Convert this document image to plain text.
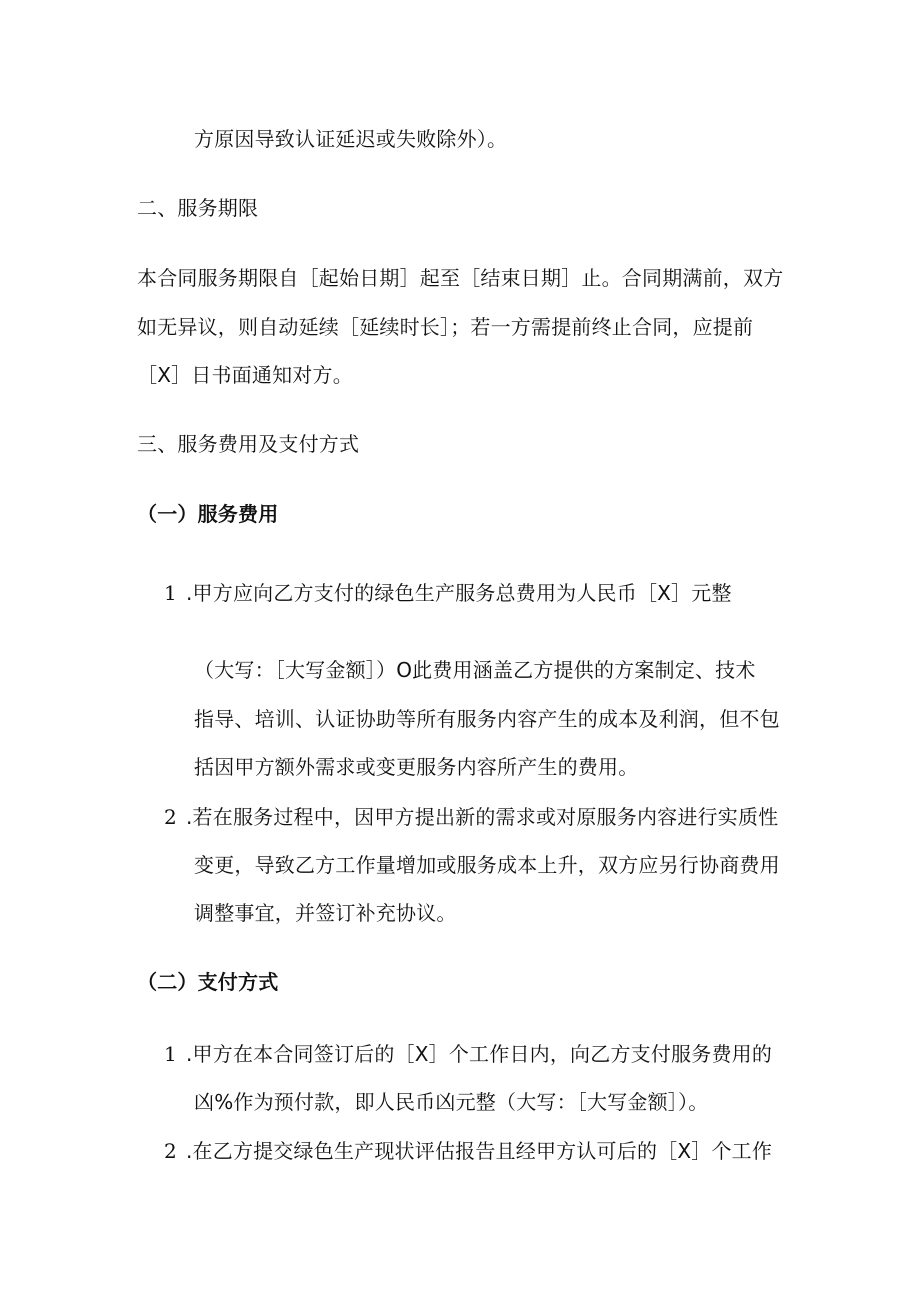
方原因导致认证延迟或失败除外）。
二、服务期限
本合同服务期限自［起始日期］起至［结束日期］止。合同期满前，双方
如无异议，则自动延续［延续时长］；若一方需提前终止合同，应提前
［X］日书面通知对方。
三、服务费用及支付方式
（一）服务费用
1 .甲方应向乙方支付的绿色生产服务总费用为人民币［X］元整
（大写：［大写金额］）O此费用涵盖乙方提供的方案制定、技术
指导、培训、认证协助等所有服务内容产生的成本及利润，但不包
括因甲方额外需求或变更服务内容所产生的费用。
2 .若在服务过程中，因甲方提出新的需求或对原服务内容进行实质性
变更，导致乙方工作量增加或服务成本上升，双方应另行协商费用
调整事宜，并签订补充协议。
（二）支付方式
1 .甲方在本合同签订后的［X］个工作日内，向乙方支付服务费用的
凶%作为预付款，即人民币凶元整（大写：［大写金额］）。
2 .在乙方提交绿色生产现状评估报告且经甲方认可后的［X］个工作
